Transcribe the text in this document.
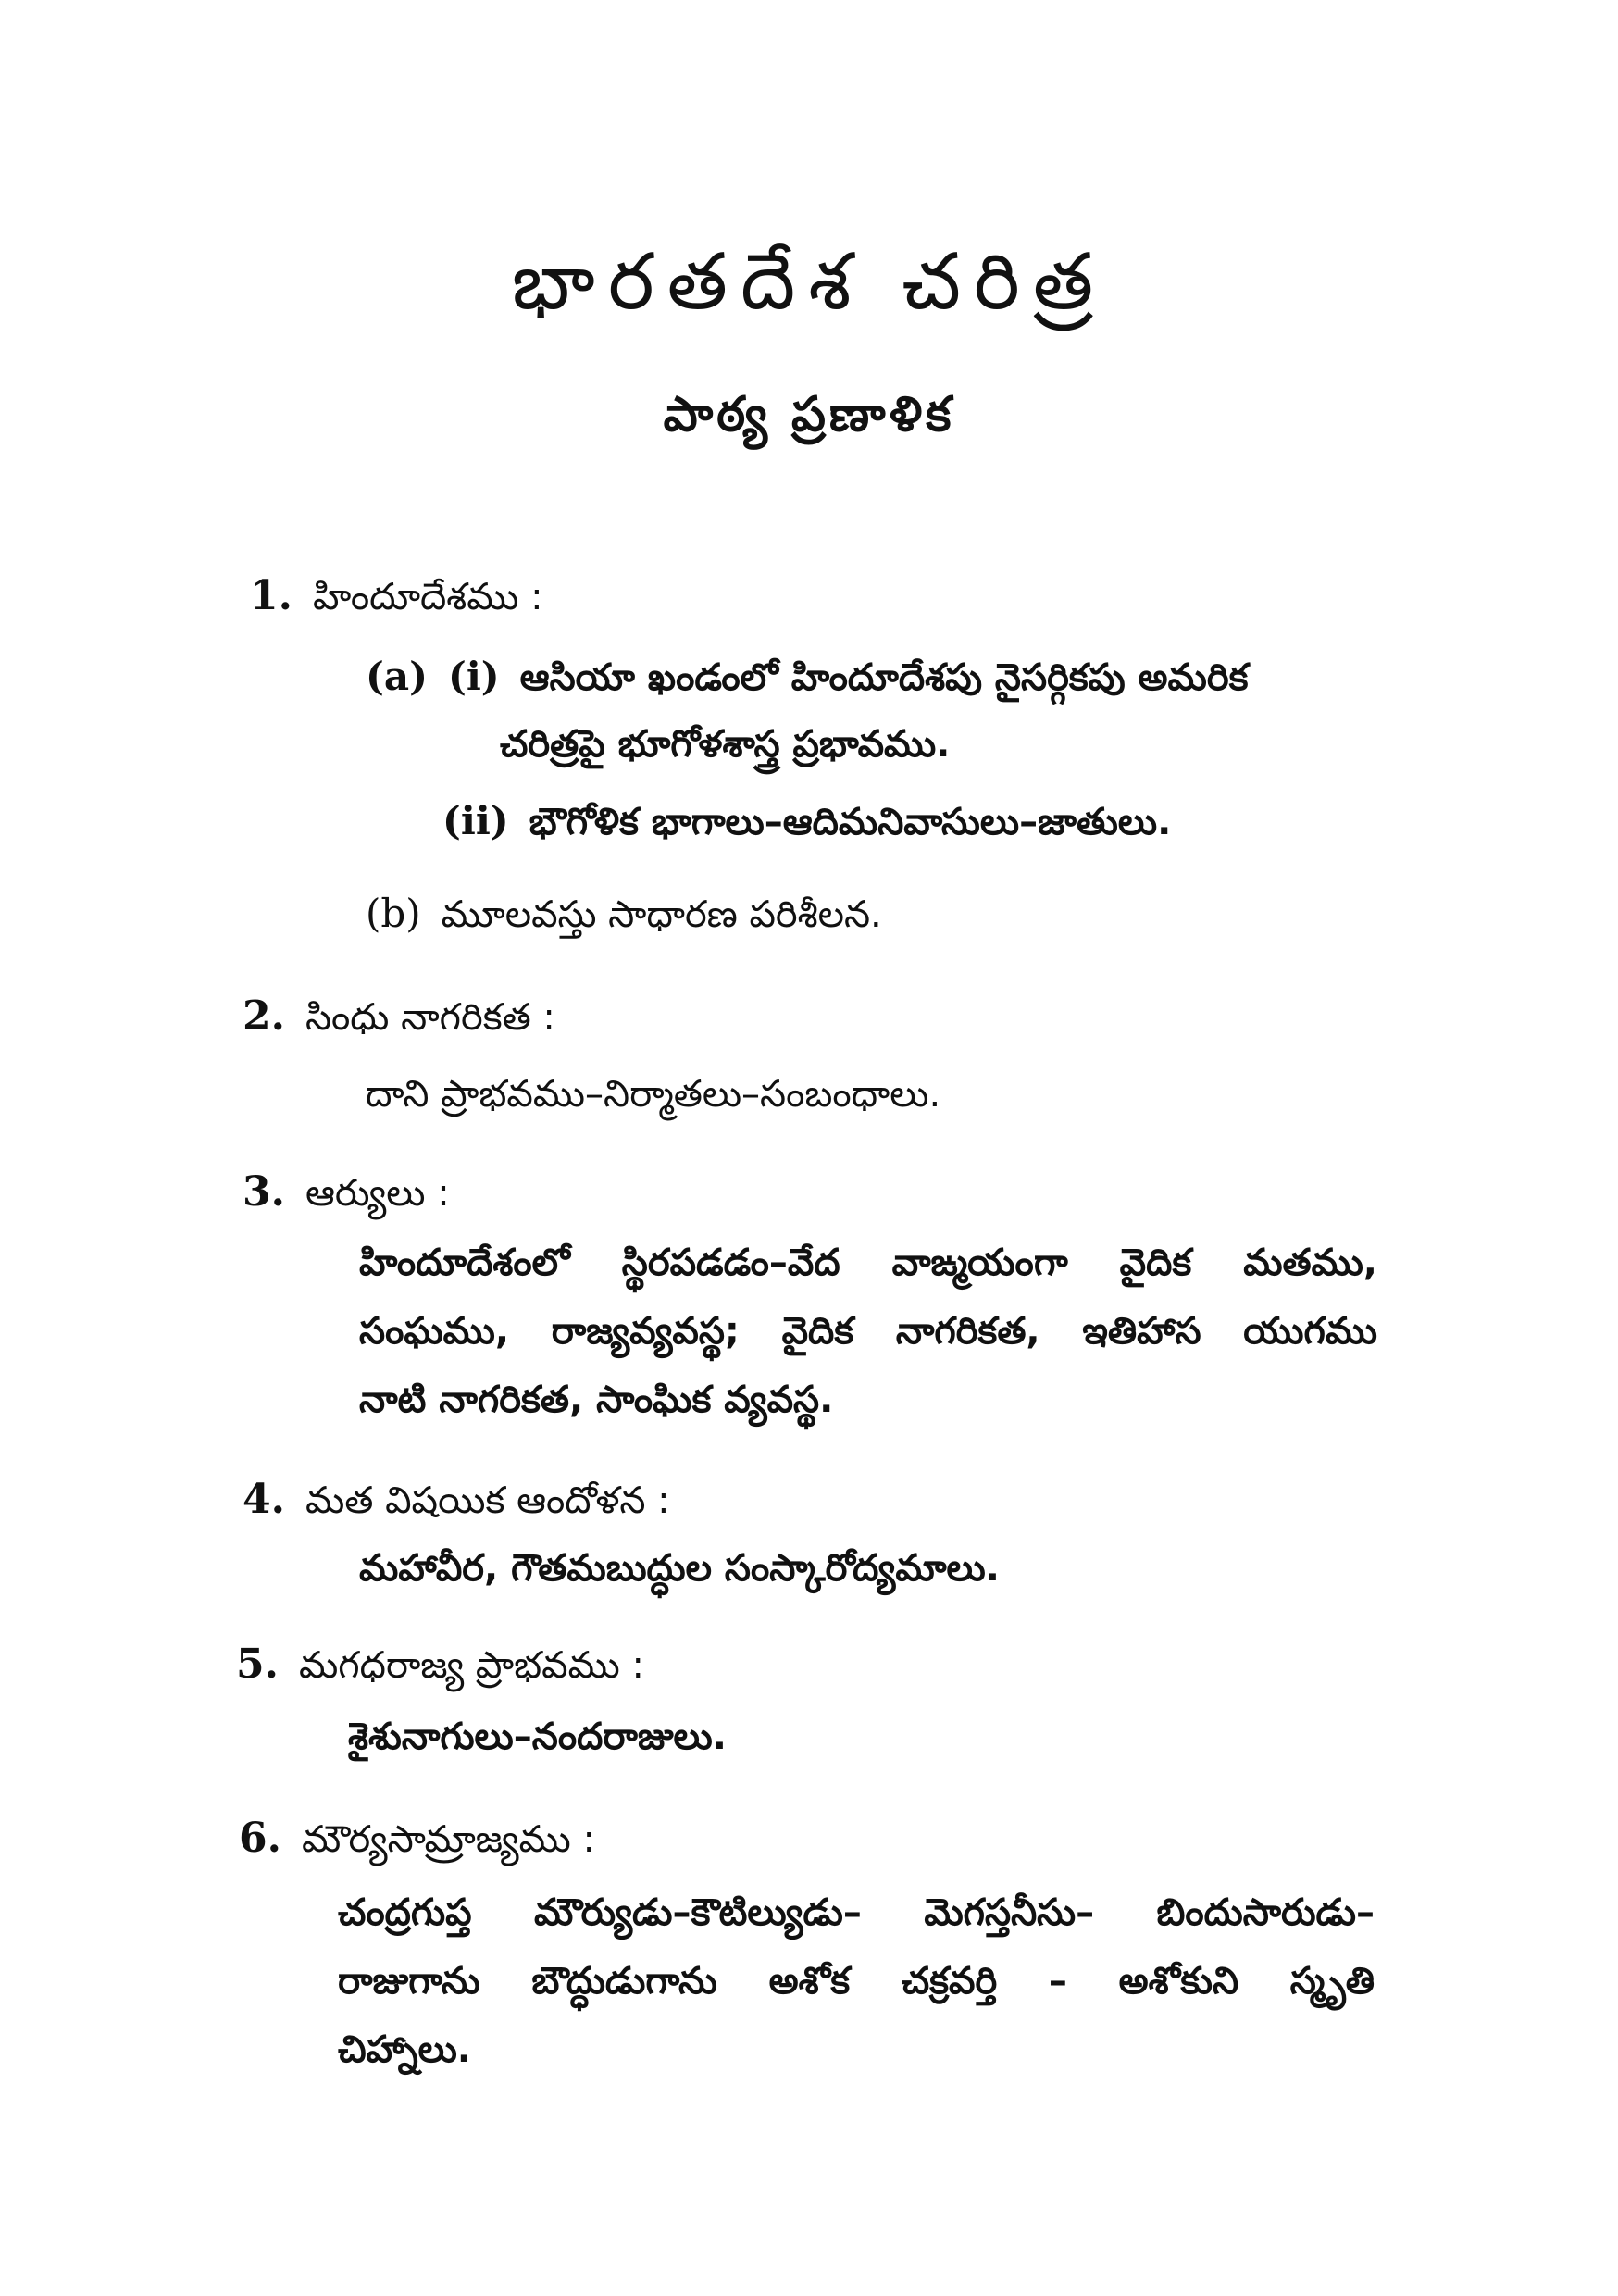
భారతదేశ చరిత్ర
పాఠ్య ప్రణాళిక
1. హిందూదేశము :
(a) (i) ఆసియా ఖండంలో హిందూదేశపు నైసర్గికపు అమరిక
చరిత్రపై భూగోళశాస్త్ర ప్రభావము.
(ii) భౌగోళిక భాగాలు–ఆదిమనివాసులు–జాతులు.
(b) మూలవస్తు సాధారణ పరిశీలన.
2. సింధు నాగరికత :
దాని ప్రాభవము–నిర్మాతలు–సంబంధాలు.
3. ఆర్యులు :
హిందూదేశంలో స్థిరపడడం–వేద వాఙ్మయంగా వైదిక మతము,
సంఘము, రాజ్యవ్యవస్థ; వైదిక నాగరికత, ఇతిహాస యుగము
నాటి నాగరికత, సాంఘిక వ్యవస్థ.
4. మత విషయిక ఆందోళన :
మహావీర, గౌతమబుద్ధుల సంస్కారోద్యమాలు.
5. మగధరాజ్య ప్రాభవము :
శైశునాగులు–నందరాజులు.
6. మౌర్యసామ్రాజ్యము :
చంద్రగుప్త మౌర్యుడు–కౌటిల్యుడు– మెగస్తనీసు– బిందుసారుడు–
రాజుగాను బౌద్ధుడుగాను అశోక చక్రవర్తి – అశోకుని స్మృతి
చిహ్నాలు.
